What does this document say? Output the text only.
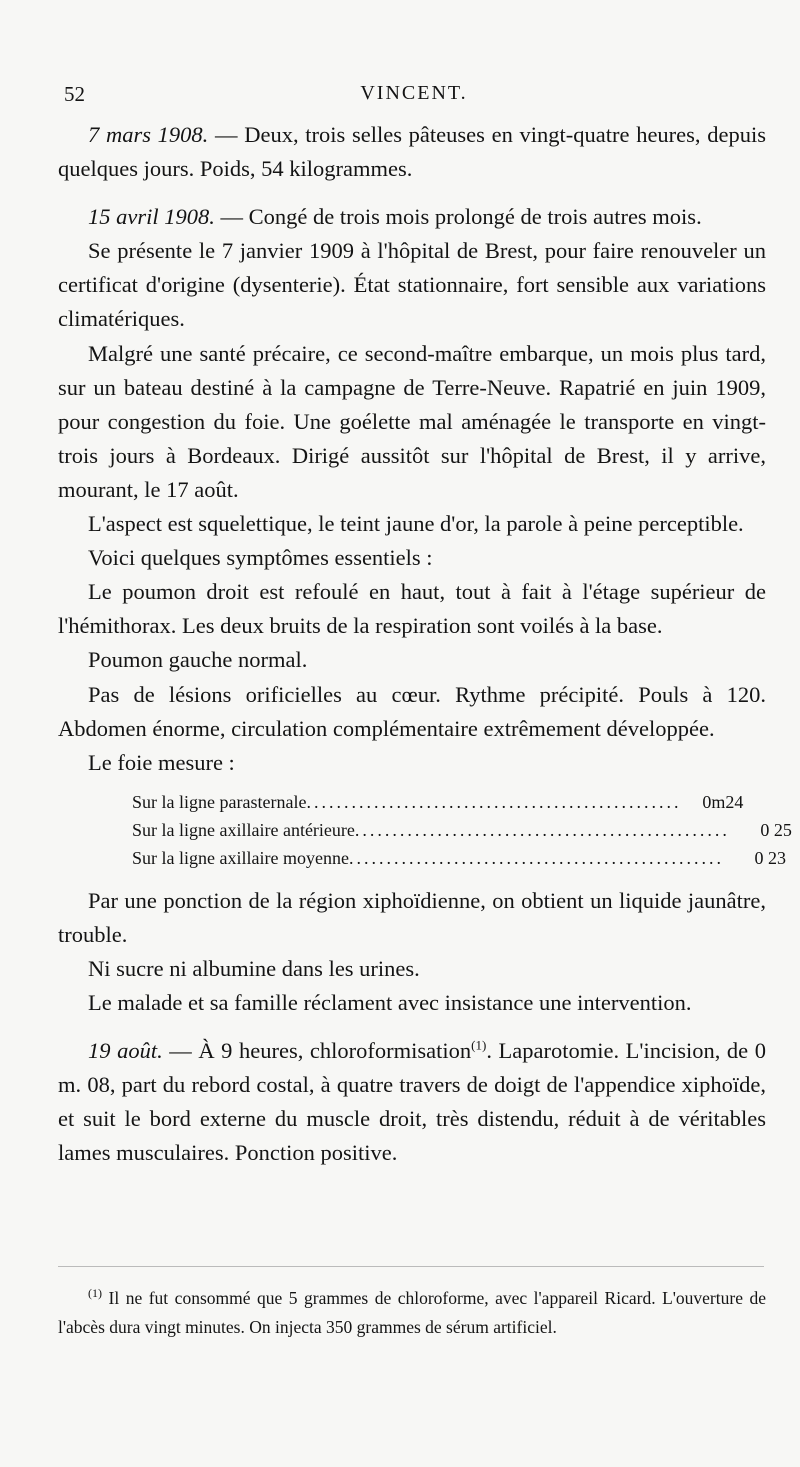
52	VINCENT.

7 mars 1908. — Deux, trois selles pâteuses en vingt-quatre heures, depuis quelques jours. Poids, 54 kilogrammes.

15 avril 1908. — Congé de trois mois prolongé de trois autres mois.

Se présente le 7 janvier 1909 à l'hôpital de Brest, pour faire renouveler un certificat d'origine (dysenterie). État stationnaire, fort sensible aux variations climatériques.

Malgré une santé précaire, ce second-maître embarque, un mois plus tard, sur un bateau destiné à la campagne de Terre-Neuve. Rapatrié en juin 1909, pour congestion du foie. Une goélette mal aménagée le transporte en vingt-trois jours à Bordeaux. Dirigé aussitôt sur l'hôpital de Brest, il y arrive, mourant, le 17 août.

L'aspect est squelettique, le teint jaune d'or, la parole à peine perceptible.

Voici quelques symptômes essentiels :

Le poumon droit est refoulé en haut, tout à fait à l'étage supérieur de l'hémithorax. Les deux bruits de la respiration sont voilés à la base.

Poumon gauche normal.

Pas de lésions orificielles au cœur. Rythme précipité. Pouls à 120. Abdomen énorme, circulation complémentaire extrêmement développée.

Le foie mesure :

Sur la ligne parasternale ..................................................	0m24
Sur la ligne axillaire antérieure ..................................................	0 25
Sur la ligne axillaire moyenne ..................................................	0 23

Par une ponction de la région xiphoïdienne, on obtient un liquide jaunâtre, trouble.

Ni sucre ni albumine dans les urines.

Le malade et sa famille réclament avec insistance une intervention.

19 août. — À 9 heures, chloroformisation$^{(1)}$. Laparotomie. L'incision, de 0 m. 08, part du rebord costal, à quatre travers de doigt de l'appendice xiphoïde, et suit le bord externe du muscle droit, très distendu, réduit à de véritables lames musculaires. Ponction positive.

$^{(1)}$ Il ne fut consommé que 5 grammes de chloroforme, avec l'appareil Ricard. L'ouverture de l'abcès dura vingt minutes. On injecta 350 grammes de sérum artificiel.
